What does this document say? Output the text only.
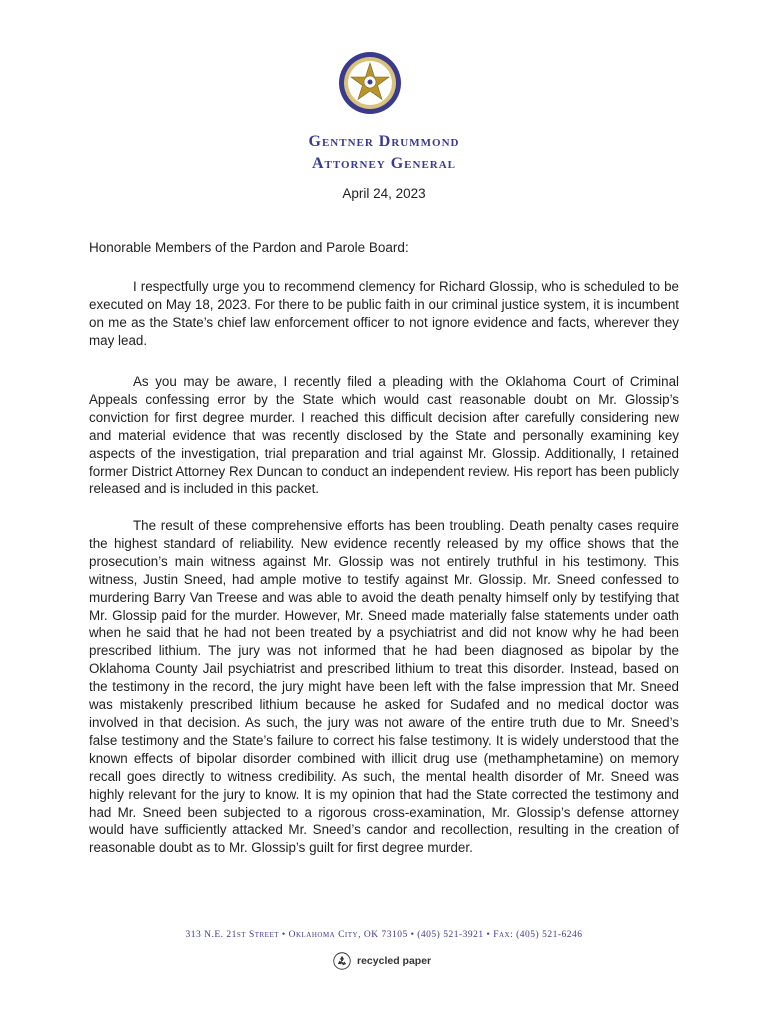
Gentner Drummond
Attorney General
April 24, 2023
Honorable Members of the Pardon and Parole Board:

I respectfully urge you to recommend clemency for Richard Glossip, who is scheduled to be executed on May 18, 2023. For there to be public faith in our criminal justice system, it is incumbent on me as the State’s chief law enforcement officer to not ignore evidence and facts, wherever they may lead.

As you may be aware, I recently filed a pleading with the Oklahoma Court of Criminal Appeals confessing error by the State which would cast reasonable doubt on Mr. Glossip’s conviction for first degree murder. I reached this difficult decision after carefully considering new and material evidence that was recently disclosed by the State and personally examining key aspects of the investigation, trial preparation and trial against Mr. Glossip. Additionally, I retained former District Attorney Rex Duncan to conduct an independent review. His report has been publicly released and is included in this packet.

The result of these comprehensive efforts has been troubling. Death penalty cases require the highest standard of reliability. New evidence recently released by my office shows that the prosecution’s main witness against Mr. Glossip was not entirely truthful in his testimony. This witness, Justin Sneed, had ample motive to testify against Mr. Glossip. Mr. Sneed confessed to murdering Barry Van Treese and was able to avoid the death penalty himself only by testifying that Mr. Glossip paid for the murder. However, Mr. Sneed made materially false statements under oath when he said that he had not been treated by a psychiatrist and did not know why he had been prescribed lithium. The jury was not informed that he had been diagnosed as bipolar by the Oklahoma County Jail psychiatrist and prescribed lithium to treat this disorder. Instead, based on the testimony in the record, the jury might have been left with the false impression that Mr. Sneed was mistakenly prescribed lithium because he asked for Sudafed and no medical doctor was involved in that decision. As such, the jury was not aware of the entire truth due to Mr. Sneed’s false testimony and the State’s failure to correct his false testimony. It is widely understood that the known effects of bipolar disorder combined with illicit drug use (methamphetamine) on memory recall goes directly to witness credibility. As such, the mental health disorder of Mr. Sneed was highly relevant for the jury to know. It is my opinion that had the State corrected the testimony and had Mr. Sneed been subjected to a rigorous cross-examination, Mr. Glossip’s defense attorney would have sufficiently attacked Mr. Sneed’s candor and recollection, resulting in the creation of reasonable doubt as to Mr. Glossip’s guilt for first degree murder.

313 N.E. 21st Street • Oklahoma City, OK 73105 • (405) 521-3921 • Fax: (405) 521-6246
recycled paper
